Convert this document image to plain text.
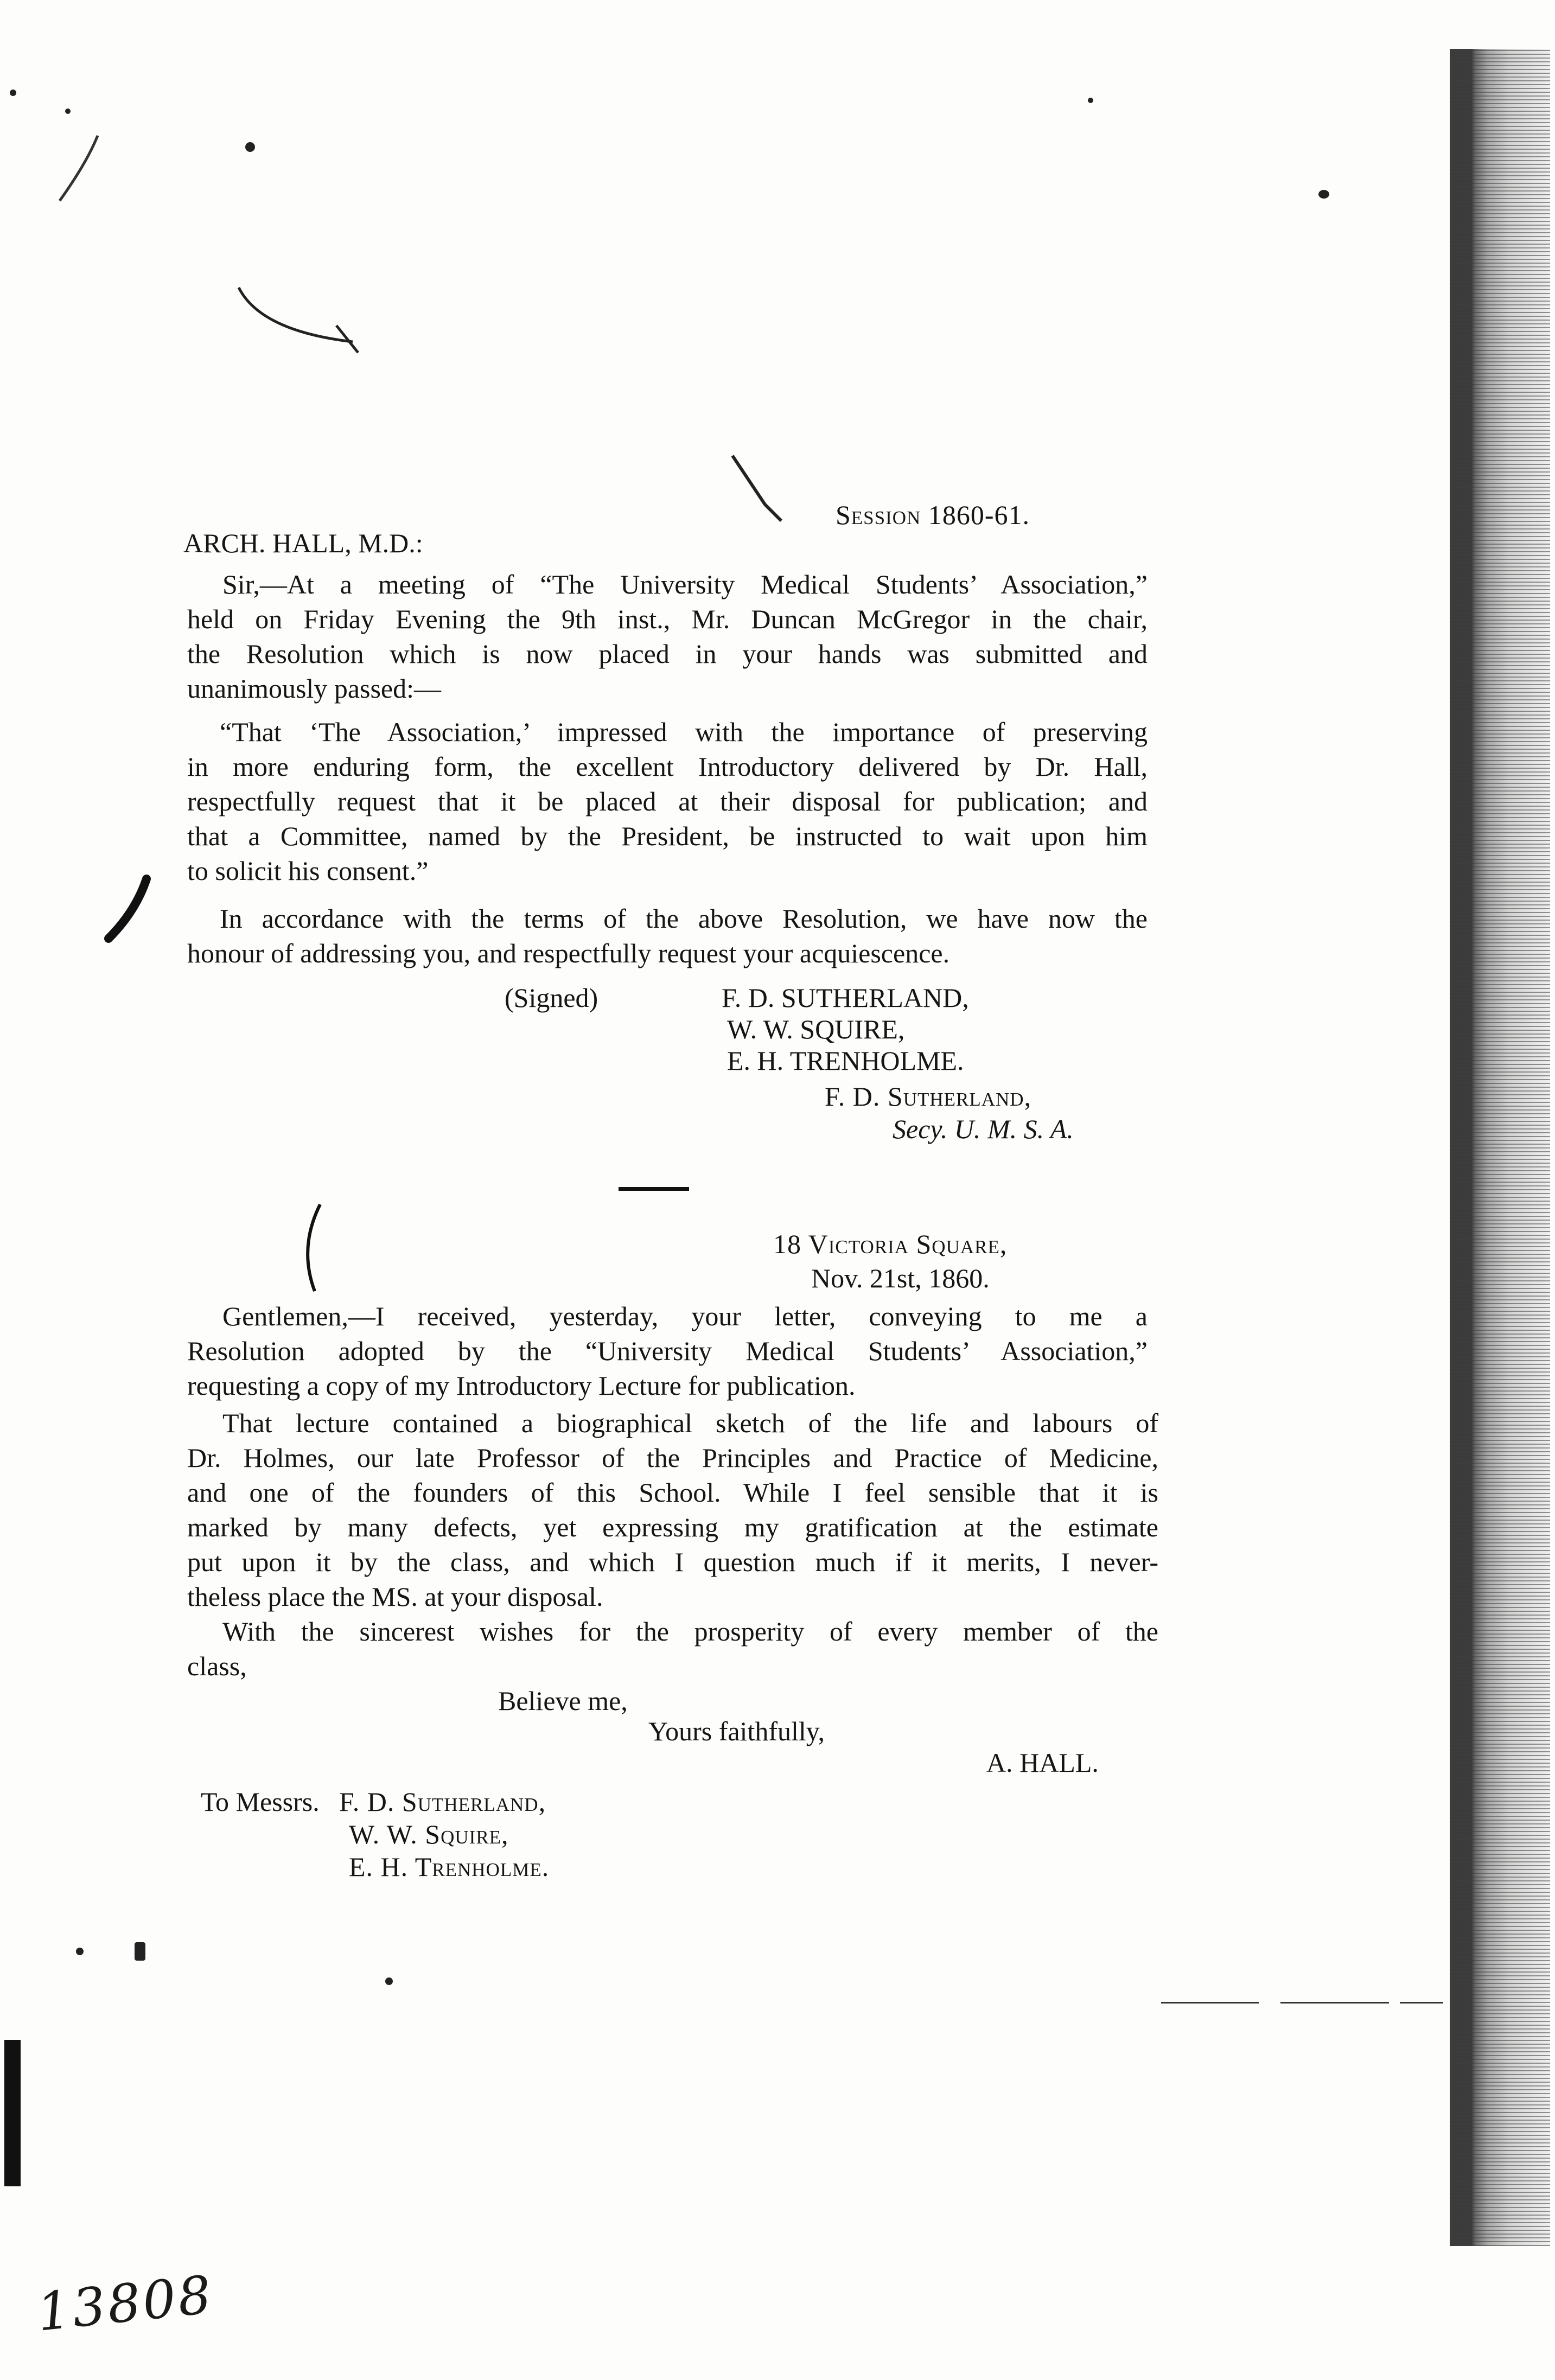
Session 1860-61.
ARCH. HALL, M.D.:
Sir,—At a meeting of “The University Medical Students’ Association,”
held on Friday Evening the 9th inst., Mr. Duncan McGregor in the chair,
the Resolution which is now placed in your hands was submitted and
unanimously passed:—
“That ‘The Association,’ impressed with the importance of preserving
in more enduring form, the excellent Introductory delivered by Dr. Hall,
respectfully request that it be placed at their disposal for publication; and
that a Committee, named by the President, be instructed to wait upon him
to solicit his consent.”
In accordance with the terms of the above Resolution, we have now the
honour of addressing you, and respectfully request your acquiescence.
(Signed)	F. D. SUTHERLAND,
W. W. SQUIRE,
E. H. TRENHOLME.
F. D. Sutherland,
Secy. U. M. S. A.
18 Victoria Square,
Nov. 21st, 1860.
Gentlemen,—I received, yesterday, your letter, conveying to me a
Resolution adopted by the “University Medical Students’ Association,”
requesting a copy of my Introductory Lecture for publication.
That lecture contained a biographical sketch of the life and labours of
Dr. Holmes, our late Professor of the Principles and Practice of Medicine,
and one of the founders of this School. While I feel sensible that it is
marked by many defects, yet expressing my gratification at the estimate
put upon it by the class, and which I question much if it merits, I never-
theless place the MS. at your disposal.
With the sincerest wishes for the prosperity of every member of the
class,
Believe me,
Yours faithfully,
A. HALL.
To Messrs. F. D. Sutherland,
W. W. Squire,
E. H. Trenholme.
13808
